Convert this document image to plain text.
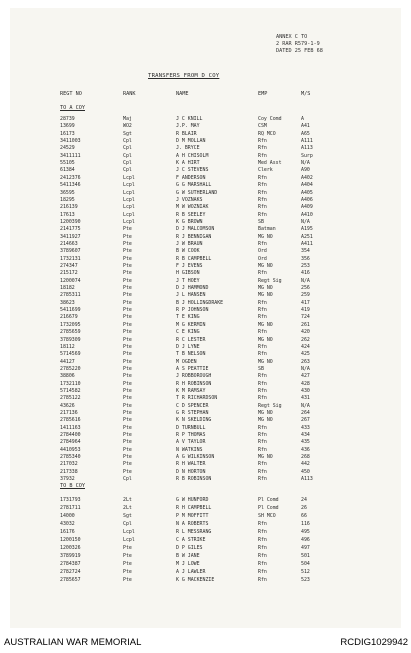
ANNEX C TO
2 RAR R579-1-9
DATED 25 FEB 68
TRANSFERS FROM D COY
REGT NO	RANK	NAME	EMP	M/S
TO A COY
28739	Maj	J C KNILL	Coy Comd	A
13699	WO2	J.P. MAY	CSM	A41
16173	Sgt	R BLAIR	RQ MCO	A65
3411003	Cpl	D M MOLLAN	Rfn	A111
24529	Cpl	J. BRYCE	Rfn	A113
3411111	Cpl	A H CHISOLM	Rfn	Surp
55105	Cpl	K A HIRT	Med Asst	N/A
61384	Cpl	J C STEVENS	Clerk	A90
2412376	Lcpl	F ANDERSON	Rfn	A402
5411346	Lcpl	G G MARSHALL	Rfn	A404
36595	Lcpl	G W SUTHERLAND	Rfn	A405
18295	Lcpl	J VOZNAKS	Rfn	A406
216139	Lcpl	M W WOZNIAK	Rfn	A409
17613	Lcpl	R B SEELEY	Rfn	A410
1200390	Lcpl	K G BROWN	SB	N/A
2141775	Pte	D J MALCOMSON	Batman	A195
3411927	Pte	R J BENNIGAN	MG NO	A251
214663	Pte	J W BRAUN	Rfn	A411
3789607	Pte	B W COOK	Ord	354
1732131	Pte	R B CAMPBELL	Ord	356
274347	Pte	F J EVENS	MG NO	253
215172	Pte	H GIBSON	Rfn	416
1200074	Pte	J T HOEY	Regt Sig	N/A
18182	Pte	D J HAMMOND	MG NO	256
2785311	Pte	J L HANSEN	MG NO	259
38623	Pte	B J HOLLINGDRAKE	Rfn	417
5411699	Pte	R P JOHNSON	Rfn	419
216679	Pte	T E KING	Rfn	724
1732095	Pte	M G KERMIN	MG NO	261
2785659	Pte	C E KING	Rfn	420
3789309	Pte	R C LESTER	MG NO	262
18112	Pte	D J LYNE	Rfn	424
5714569	Pte	T B NELSON	Rfn	425
44127	Pte	M OGDEN	MG NO	263
2785220	Pte	A S PEATTIE	SB	N/A
38806	Pte	J ROBBOROUGH	Rfn	427
1732110	Pte	R H ROBINSON	Rfn	428
5714582	Pte	K M RAMSAY	Rfn	430
2785122	Pte	T R RICHARDSON	Rfn	431
43626	Pte	C D SPENCER	Regt Sig	N/A
217136	Pte	G R STEPHAN	MG NO	264
2785616	Pte	K N SKELDING	MG NO	267
1411163	Pte	D TURNBULL	Rfn	433
2784400	Pte	R P THOMAS	Rfn	434
2784964	Pte	A V TAYLOR	Rfn	435
4410953	Pte	N WATKINS	Rfn	436
2785340	Pte	A G WILKINSON	MG NO	268
217032	Pte	R H WALTER	Rfn	442
217338	Pte	D N HORTON	Rfn	450
37932	Cpl	R B ROBINSON	Rfn	A113
TO B COY
1731793	2Lt	G W HUNFORD	Pl Comd	24
2781711	2Lt	R H CAMPBELL	Pl Comd	26
14000	Sgt	P M MOFFITT	SH MCO	66
43032	Cpl	N A ROBERTS	Rfn	116
16176	Lcpl	R L MESSRANG	Rfn	495
1200150	Lcpl	C A STRIKE	Rfn	496
1200326	Pte	D P GILES	Rfn	497
3789919	Pte	B W JANE	Rfn	501
2784387	Pte	M J LOWE	Rfn	504
2782724	Pte	A J LAWLER	Rfn	512
2785657	Pte	K G MACKENZIE	Rfn	523
AUSTRALIAN WAR MEMORIAL	RCDIG1029942
